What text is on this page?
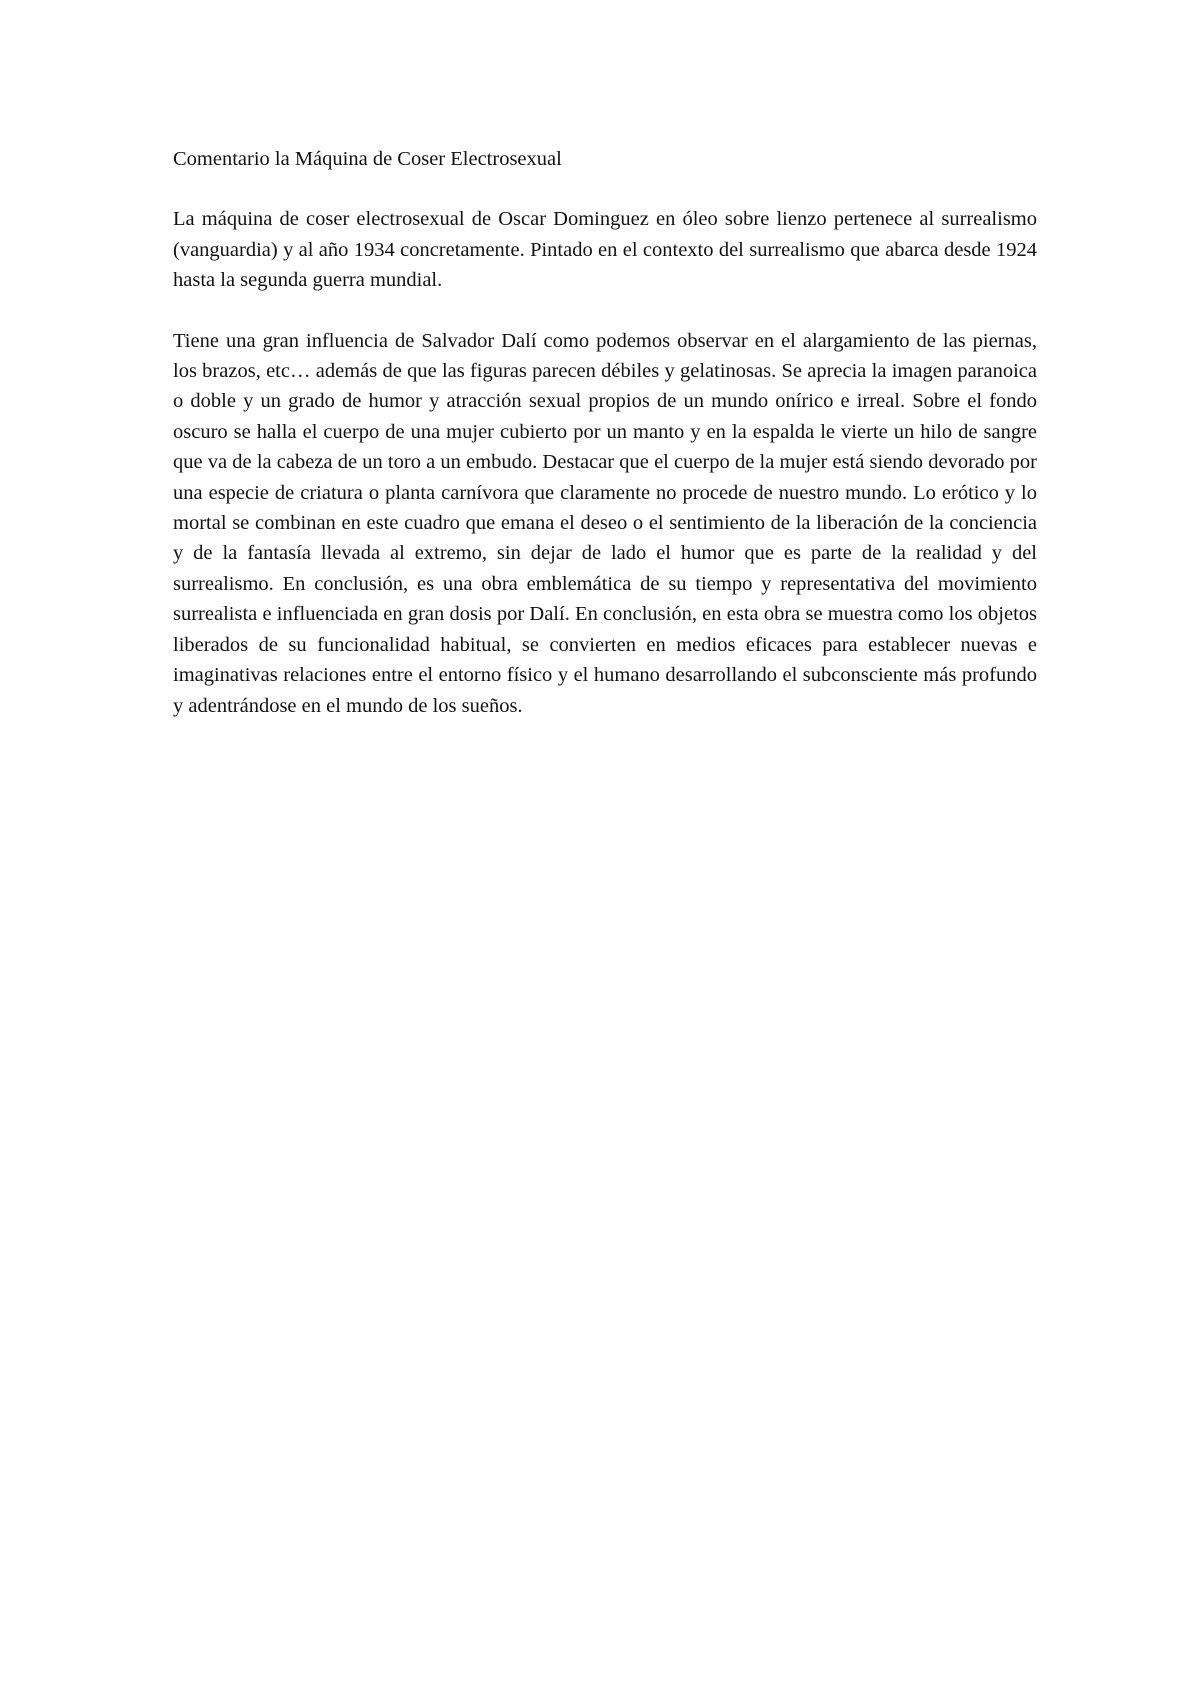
Comentario la Máquina de Coser Electrosexual

La máquina de coser electrosexual de Oscar Dominguez en óleo sobre lienzo pertenece al surrealismo (vanguardia) y al año 1934 concretamente. Pintado en el contexto del surrealismo que abarca desde 1924 hasta la segunda guerra mundial.

Tiene una gran influencia de Salvador Dalí como podemos observar en el alargamiento de las piernas, los brazos, etc… además de que las figuras parecen débiles y gelatinosas. Se aprecia la imagen paranoica o doble y un grado de humor y atracción sexual propios de un mundo onírico e irreal. Sobre el fondo oscuro se halla el cuerpo de una mujer cubierto por un manto y en la espalda le vierte un hilo de sangre que va de la cabeza de un toro a un embudo. Destacar que el cuerpo de la mujer está siendo devorado por una especie de criatura o planta carnívora que claramente no procede de nuestro mundo. Lo erótico y lo mortal se combinan en este cuadro que emana el deseo o el sentimiento de la liberación de la conciencia y de la fantasía llevada al extremo, sin dejar de lado el humor que es parte de la realidad y del surrealismo. En conclusión, es una obra emblemática de su tiempo y representativa del movimiento surrealista e influenciada en gran dosis por Dalí. En conclusión, en esta obra se muestra como los objetos liberados de su funcionalidad habitual, se convierten en medios eficaces para establecer nuevas e imaginativas relaciones entre el entorno físico y el humano desarrollando el subconsciente más profundo y adentrándose en el mundo de los sueños.
